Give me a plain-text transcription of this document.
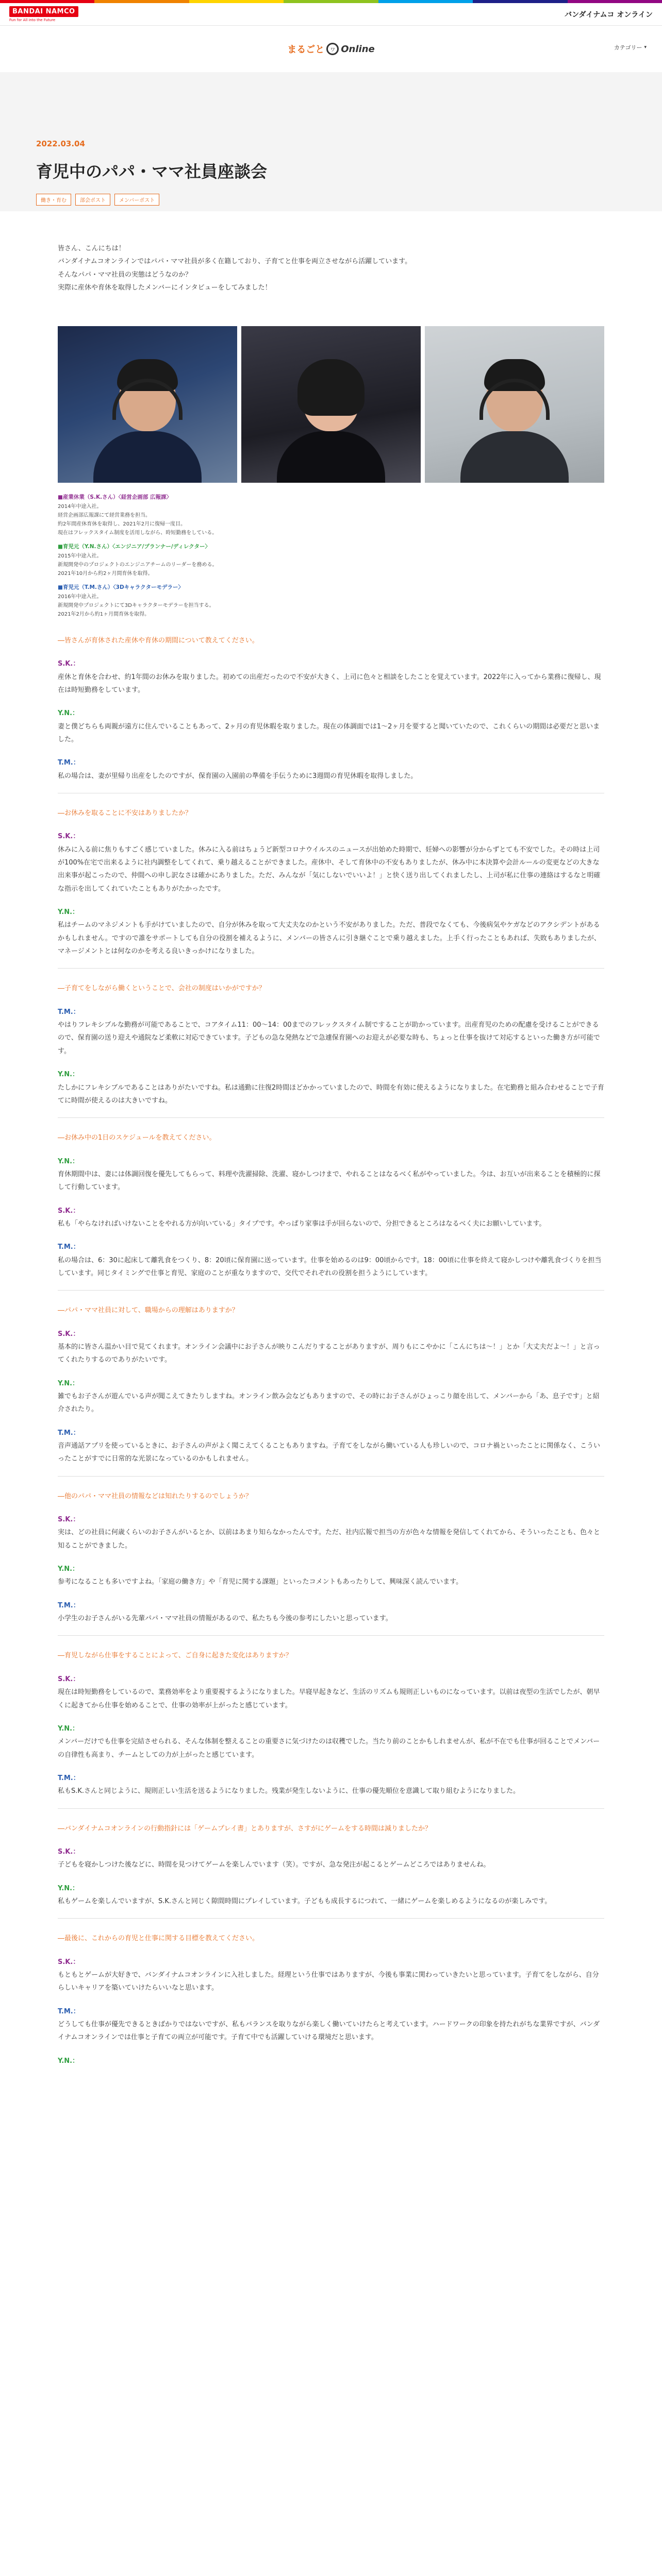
BANDAI NAMCO
Fun for All into the Future
バンダイナムコ オンライン
まるごと	ワ Online	カテゴリー ▾
2022.03.04
育児中のパパ・ママ社員座談会
働き・育む	部会ポスト	メンバーポスト

皆さん、こんにちは！

バンダイナムコオンラインではパパ・ママ社員が多く在籍しており、子育てと仕事を両立させながら活躍しています。

そんなパパ・ママ社員の実態はどうなのか？

実際に産休や育休を取得したメンバーにインタビューをしてみました！

■産業休業（S.K.さん）〈経営企画部 広報課〉
2014年中途入社。
経営企画部広報課にて経営業務を担当。
約2年間産休育休を取得し、2021年2月に復帰一度目。
現在はフレックスタイム制度を活用しながら、時短勤務をしている。
■育児元（Y.N.さん）〈エンジニア/プランナー/ディレクター〉
2015年中途入社。
新規開発中のプロジェクトのエンジニアチームのリーダーを務める。
2021年10月から約2ヶ月間育休を取得。
■育児元（T.M.さん）〈3Dキャラクターモデラー〉
2016年中途入社。
新規開発中プロジェクトにて3Dキャラクターモデラーを担当する。
2021年2月から約1ヶ月間育休を取得。
―皆さんが育休された産休や育休の期間について教えてください。
S.K.：
産休と育休を合わせ、約1年間のお休みを取りました。初めての出産だったので不安が大きく、上司に色々と相談をしたことを覚えています。2022年に入ってから業務に復帰し、現在は時短勤務をしています。
Y.N.：
妻と僕どちらも両親が遠方に住んでいることもあって、2ヶ月の育児休暇を取りました。現在の体調面では1～2ヶ月を要すると聞いていたので、これくらいの期間は必要だと思いました。
T.M.：
私の場合は、妻が里帰り出産をしたのですが、保育園の入園前の準備を手伝うために3週間の育児休暇を取得しました。
―お休みを取ることに不安はありましたか？
S.K.：
休みに入る前に焦りもすごく感じていました。休みに入る前はちょうど新型コロナウイルスのニュースが出始めた時期で、妊婦への影響が分からずとても不安でした。その時は上司が100%在宅で出来るように社内調整をしてくれて、乗り越えることができました。産休中、そして育休中の不安もありましたが、休み中に本決算や会計ルールの変更などの大きな出来事が起こったので、仲間への申し訳なさは確かにありました。ただ、みんなが「気にしないでいいよ！」と快く送り出してくれましたし、上司が私に仕事の連絡はするなと明確な指示を出してくれていたこともありがたかったです。
Y.N.：
私はチームのマネジメントも手がけていましたので、自分が休みを取って大丈夫なのかという不安がありました。ただ、普段でなくても、今後病気やケガなどのアクシデントがあるかもしれません。ですので誰をサポートしても自分の役割を補えるように、メンバーの皆さんに引き継ぐことで乗り越えました。上手く行ったこともあれば、失敗もありましたが、マネージメントとは何なのかを考える良いきっかけになりました。
―子育てをしながら働くということで、会社の制度はいかがですか？
T.M.：
やはりフレキシブルな勤務が可能であることで、コアタイム11：00～14：00までのフレックスタイム制ですることが助かっています。出産育児のための配慮を受けることができるので、保育園の送り迎えや通院など柔軟に対応できています。子どもの急な発熱などで急遽保育園へのお迎えが必要な時も、ちょっと仕事を抜けて対応するといった働き方が可能です。
Y.N.：
たしかにフレキシブルであることはありがたいですね。私は通勤に往復2時間ほどかかっていましたので、時間を有効に使えるようになりました。在宅勤務と組み合わせることで子育てに時間が使えるのは大きいですね。
―お休み中の1日のスケジュールを教えてください。
Y.N.：
育休期間中は、妻には体調回復を優先してもらって、料理や洗濯掃除、洗濯、寝かしつけまで、やれることはなるべく私がやっていました。今は、お互いが出来ることを積極的に探して行動しています。
S.K.：
私も「やらなければいけないことをやれる方が向いている」タイプです。やっぱり家事は手が回らないので、分担できるところはなるべく夫にお願いしています。
T.M.：
私の場合は、6：30に起床して離乳食をつくり、8：20頃に保育園に送っています。仕事を始めるのは9：00頃からです。18：00頃に仕事を終えて寝かしつけや離乳食づくりを担当しています。同じタイミングで仕事と育児、家庭のことが重なりますので、交代でそれぞれの役割を担うようにしています。
―パパ・ママ社員に対して、職場からの理解はありますか？
S.K.：
基本的に皆さん温かい目で見てくれます。オンライン会議中にお子さんが映りこんだりすることがありますが、周りもにこやかに「こんにちは～！」とか「大丈夫だよ～！」と言ってくれたりするのでありがたいです。
Y.N.：
雑でもお子さんが遊んでいる声が聞こえてきたりしますね。オンライン飲み会などもありますので、その時にお子さんがひょっこり顔を出して、メンバーから「あ、息子です」と紹介されたり。
T.M.：
音声通話アプリを使っているときに、お子さんの声がよく聞こえてくることもありますね。子育てをしながら働いている人も珍しいので、コロナ禍といったことに関係なく、こういったことがすでに日常的な光景になっているのかもしれません。
―他のパパ・ママ社員の情報などは知れたりするのでしょうか？
S.K.：
実は、どの社員に何歳くらいのお子さんがいるとか、以前はあまり知らなかったんです。ただ、社内広報で担当の方が色々な情報を発信してくれてから、そういったことも、色々と知ることができました。
Y.N.：
参考になることも多いですよね。「家庭の働き方」や「育児に関する課題」といったコメントもあったりして、興味深く読んでいます。
T.M.：
小学生のお子さんがいる先輩パパ・ママ社員の情報があるので、私たちも今後の参考にしたいと思っています。
―育児しながら仕事をすることによって、ご自身に起きた変化はありますか？
S.K.：
現在は時短勤務をしているので、業務効率をより重要視するようになりました。早寝早起きなど、生活のリズムも規則正しいものになっています。以前は夜型の生活でしたが、朝早くに起きてから仕事を始めることで、仕事の効率が上がったと感じています。
Y.N.：
メンバーだけでも仕事を完結させられる、そんな体制を整えることの重要さに気づけたのは収穫でした。当たり前のことかもしれませんが、私が不在でも仕事が回ることでメンバーの自律性も高まり、チームとしての力が上がったと感じています。
T.M.：
私もS.K.さんと同じように、規則正しい生活を送るようになりました。残業が発生しないように、仕事の優先順位を意識して取り組むようになりました。
―バンダイナムコオンラインの行動指針には「ゲームプレイ書」とありますが、さすがにゲームをする時間は減りましたか？
S.K.：
子どもを寝かしつけた後などに、時間を見つけてゲームを楽しんでいます（笑）。ですが、急な発注が起こるとゲームどころではありませんね。
Y.N.：
私もゲームを楽しんでいますが、S.K.さんと同じく隙間時間にプレイしています。子どもも成長するにつれて、一緒にゲームを楽しめるようになるのが楽しみです。
―最後に、これからの育児と仕事に関する目標を教えてください。
S.K.：
もともとゲームが大好きで、バンダイナムコオンラインに入社しました。経理という仕事ではありますが、今後も事業に関わっていきたいと思っています。子育てをしながら、自分らしいキャリアを築いていけたらいいなと思います。
T.M.：
どうしても仕事が優先できるときばかりではないですが、私もバランスを取りながら楽しく働いていけたらと考えています。ハードワークの印象を持たれがちな業界ですが、バンダイナムコオンラインでは仕事と子育ての両立が可能です。子育て中でも活躍していける環境だと思います。
Y.N.：
